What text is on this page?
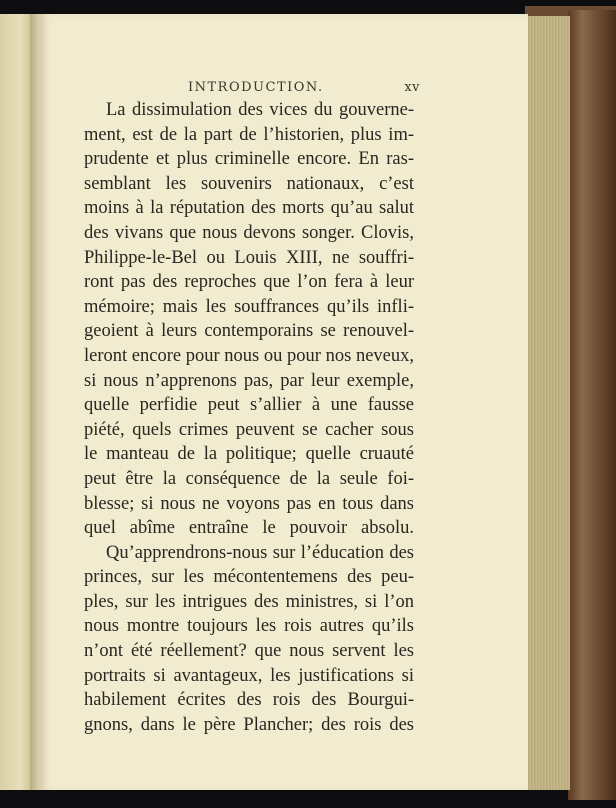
INTRODUCTION.	xv
La dissimulation des vices du gouverne-
ment, est de la part de l’historien, plus im-
prudente et plus criminelle encore. En ras-
semblant les souvenirs nationaux, c’est
moins à la réputation des morts qu’au salut
des vivans que nous devons songer. Clovis,
Philippe-le-Bel ou Louis XIII, ne souffri-
ront pas des reproches que l’on fera à leur
mémoire; mais les souffrances qu’ils infli-
geoient à leurs contemporains se renouvel-
leront encore pour nous ou pour nos neveux,
si nous n’apprenons pas, par leur exemple,
quelle perfidie peut s’allier à une fausse
piété, quels crimes peuvent se cacher sous
le manteau de la politique; quelle cruauté
peut être la conséquence de la seule foi-
blesse; si nous ne voyons pas en tous dans
quel abîme entraîne le pouvoir absolu.
Qu’apprendrons-nous sur l’éducation des
princes, sur les mécontentemens des peu-
ples, sur les intrigues des ministres, si l’on
nous montre toujours les rois autres qu’ils
n’ont été réellement? que nous servent les
portraits si avantageux, les justifications si
habilement écrites des rois des Bourgui-
gnons, dans le père Plancher; des rois des
